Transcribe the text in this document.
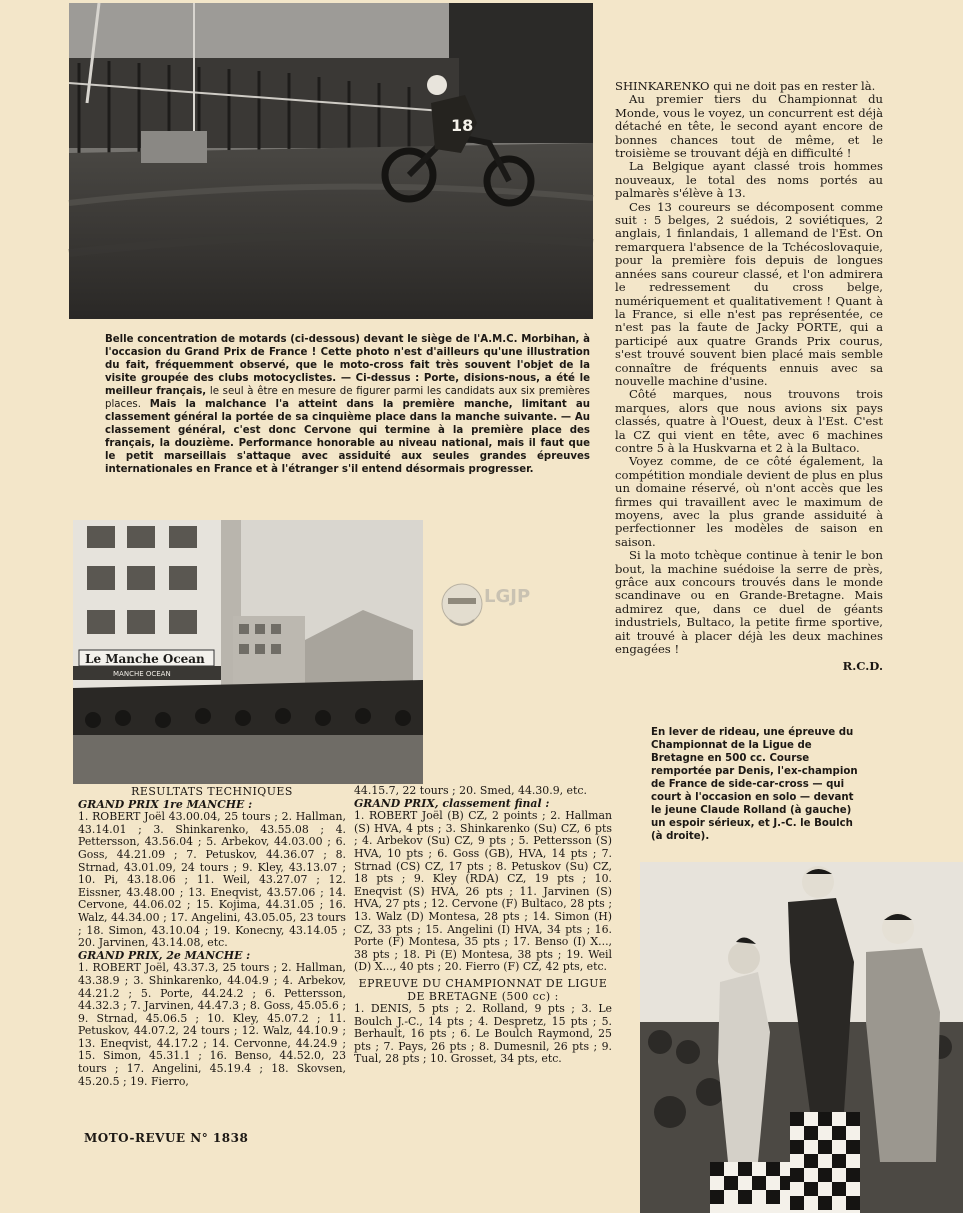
18
Le Manche Ocean
MANCHE OCEAN
LGJP

SHINKARENKO qui ne doit pas en rester là.

Au premier tiers du Championnat du Monde, vous le voyez, un concurrent est déjà détaché en tête, le second ayant encore de bonnes chances tout de même, et le troisième se trouvant déjà en difficulté !

La Belgique ayant classé trois hommes nouveaux, le total des noms portés au palmarès s'élève à 13.

Ces 13 coureurs se décomposent comme suit : 5 belges, 2 suédois, 2 soviétiques, 2 anglais, 1 finlandais, 1 allemand de l'Est. On remarquera l'absence de la Tchécoslovaquie, pour la première fois depuis de longues années sans coureur classé, et l'on admirera le redressement du cross belge, numériquement et qualitativement ! Quant à la France, si elle n'est pas représentée, ce n'est pas la faute de Jacky PORTE, qui a participé aux quatre Grands Prix courus, s'est trouvé souvent bien placé mais semble connaître de fréquents ennuis avec sa nouvelle machine d'usine.

Côté marques, nous trouvons trois marques, alors que nous avions six pays classés, quatre à l'Ouest, deux à l'Est. C'est la CZ qui vient en tête, avec 6 machines contre 5 à la Huskvarna et 2 à la Bultaco.

Voyez comme, de ce côté également, la compétition mondiale devient de plus en plus un domaine réservé, où n'ont accès que les firmes qui travaillent avec le maximum de moyens, avec la plus grande assiduité à perfectionner les modèles de saison en saison.

Si la moto tchèque continue à tenir le bon bout, la machine suédoise la serre de près, grâce aux concours trouvés dans le monde scandinave ou en Grande-Bretagne. Mais admirez que, dans ce duel de géants industriels, Bultaco, la petite firme sportive, ait trouvé à placer déjà les deux machines engagées !

R.C.D.
Belle concentration de motards (ci-dessous) devant le siège de l'A.M.C. Morbihan, à l'occasion du Grand Prix de France ! Cette photo n'est d'ailleurs qu'une illustration du fait, fréquemment observé, que le moto-cross fait très souvent l'objet de la visite groupée des clubs motocyclistes. — Ci-dessus : Porte, disions-nous, a été le meilleur français, le seul à être en mesure de figurer parmi les candidats aux six premières places. Mais la malchance l'a atteint dans la première manche, limitant au classement général la portée de sa cinquième place dans la manche suivante. — Au classement général, c'est donc Cervone qui termine à la première place des français, la douzième. Performance honorable au niveau national, mais il faut que le petit marseillais s'attaque avec assiduité aux seules grandes épreuves internationales en France et à l'étranger s'il entend désormais progresser.
En lever de rideau, une épreuve du Championnat de la Ligue de Bretagne en 500 cc. Course remportée par Denis, l'ex-champion de France de side-car-cross — qui court à l'occasion en solo — devant le jeune Claude Rolland (à gauche) un espoir sérieux, et J.-C. le Boulch (à droite).
RESULTATS TECHNIQUES
GRAND PRIX 1re MANCHE :

1. ROBERT Joël 43.00.04, 25 tours ; 2. Hallman, 43.14.01 ; 3. Shinkarenko, 43.55.08 ; 4. Pettersson, 43.56.04 ; 5. Arbekov, 44.03.00 ; 6. Goss, 44.21.09 ; 7. Petuskov, 44.36.07 ; 8. Strnad, 43.01.09, 24 tours ; 9. Kley, 43.13.07 ; 10. Pi, 43.18.06 ; 11. Weil, 43.27.07 ; 12. Eissner, 43.48.00 ; 13. Eneqvist, 43.57.06 ; 14. Cervone, 44.06.02 ; 15. Kojima, 44.31.05 ; 16. Walz, 44.34.00 ; 17. Angelini, 43.05.05, 23 tours ; 18. Simon, 43.10.04 ; 19. Konecny, 43.14.05 ; 20. Jarvinen, 43.14.08, etc.

GRAND PRIX, 2e MANCHE :

1. ROBERT Joël, 43.37.3, 25 tours ; 2. Hallman, 43.38.9 ; 3. Shinkarenko, 44.04.9 ; 4. Arbekov, 44.21.2 ; 5. Porte, 44.24.2 ; 6. Pettersson, 44.32.3 ; 7. Jarvinen, 44.47.3 ; 8. Goss, 45.05.6 ; 9. Strnad, 45.06.5 ; 10. Kley, 45.07.2 ; 11. Petuskov, 44.07.2, 24 tours ; 12. Walz, 44.10.9 ; 13. Eneqvist, 44.17.2 ; 14. Cervonne, 44.24.9 ; 15. Simon, 45.31.1 ; 16. Benso, 44.52.0, 23 tours ; 17. Angelini, 45.19.4 ; 18. Skovsen, 45.20.5 ; 19. Fierro,

44.15.7, 22 tours ; 20. Smed, 44.30.9, etc.

GRAND PRIX, classement final :

1. ROBERT Joël (B) CZ, 2 points ; 2. Hallman (S) HVA, 4 pts ; 3. Shinkarenko (Su) CZ, 6 pts ; 4. Arbekov (Su) CZ, 9 pts ; 5. Pettersson (S) HVA, 10 pts ; 6. Goss (GB), HVA, 14 pts ; 7. Strnad (CS) CZ, 17 pts ; 8. Petuskov (Su) CZ, 18 pts ; 9. Kley (RDA) CZ, 19 pts ; 10. Eneqvist (S) HVA, 26 pts ; 11. Jarvinen (S) HVA, 27 pts ; 12. Cervone (F) Bultaco, 28 pts ; 13. Walz (D) Montesa, 28 pts ; 14. Simon (H) CZ, 33 pts ; 15. Angelini (I) HVA, 34 pts ; 16. Porte (F) Montesa, 35 pts ; 17. Benso (I) X..., 38 pts ; 18. Pi (E) Montesa, 38 pts ; 19. Weil (D) X..., 40 pts ; 20. Fierro (F) CZ, 42 pts, etc.

EPREUVE DU CHAMPIONNAT DE LIGUE DE BRETAGNE (500 cc) :

1. DENIS, 5 pts ; 2. Rolland, 9 pts ; 3. Le Boulch J.-C., 14 pts ; 4. Despretz, 15 pts ; 5. Berhault, 16 pts ; 6. Le Boulch Raymond, 25 pts ; 7. Pays, 26 pts ; 8. Dumesnil, 26 pts ; 9. Tual, 28 pts ; 10. Grosset, 34 pts, etc.

MOTO-REVUE N° 1838
